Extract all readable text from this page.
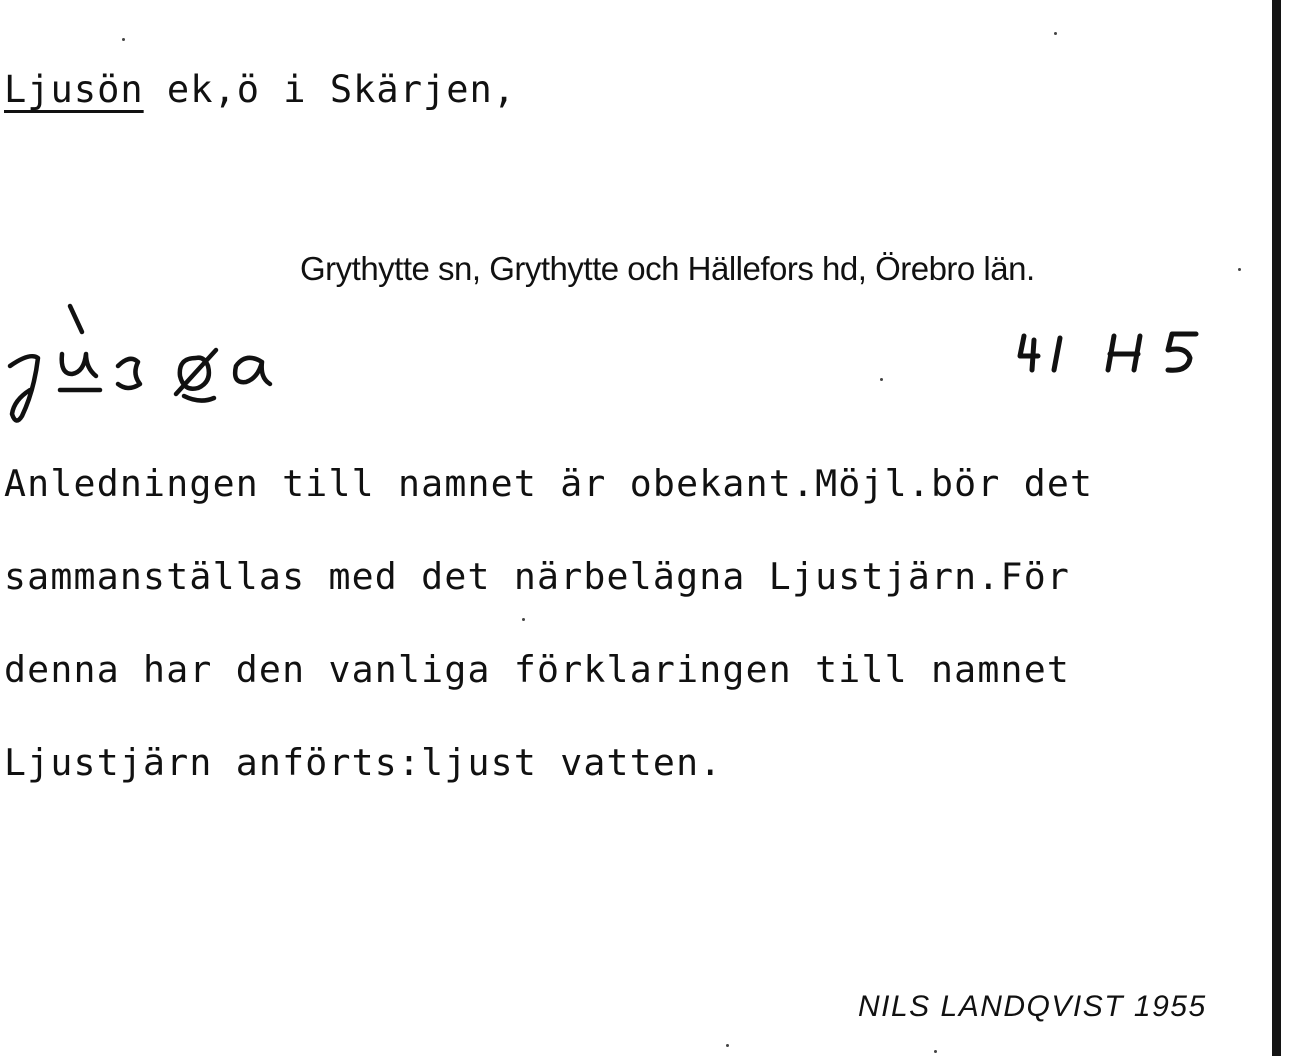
Ljusön ek,ö i Skärjen,
Grythytte sn, Grythytte och Hällefors hd, Örebro län.
Anledningen till namnet är obekant.Möjl.bör det
sammanställas med det närbelägna Ljustjärn.För
denna har den vanliga förklaringen till namnet
Ljustjärn anförts:ljust vatten.
NILS LANDQVIST 1955
